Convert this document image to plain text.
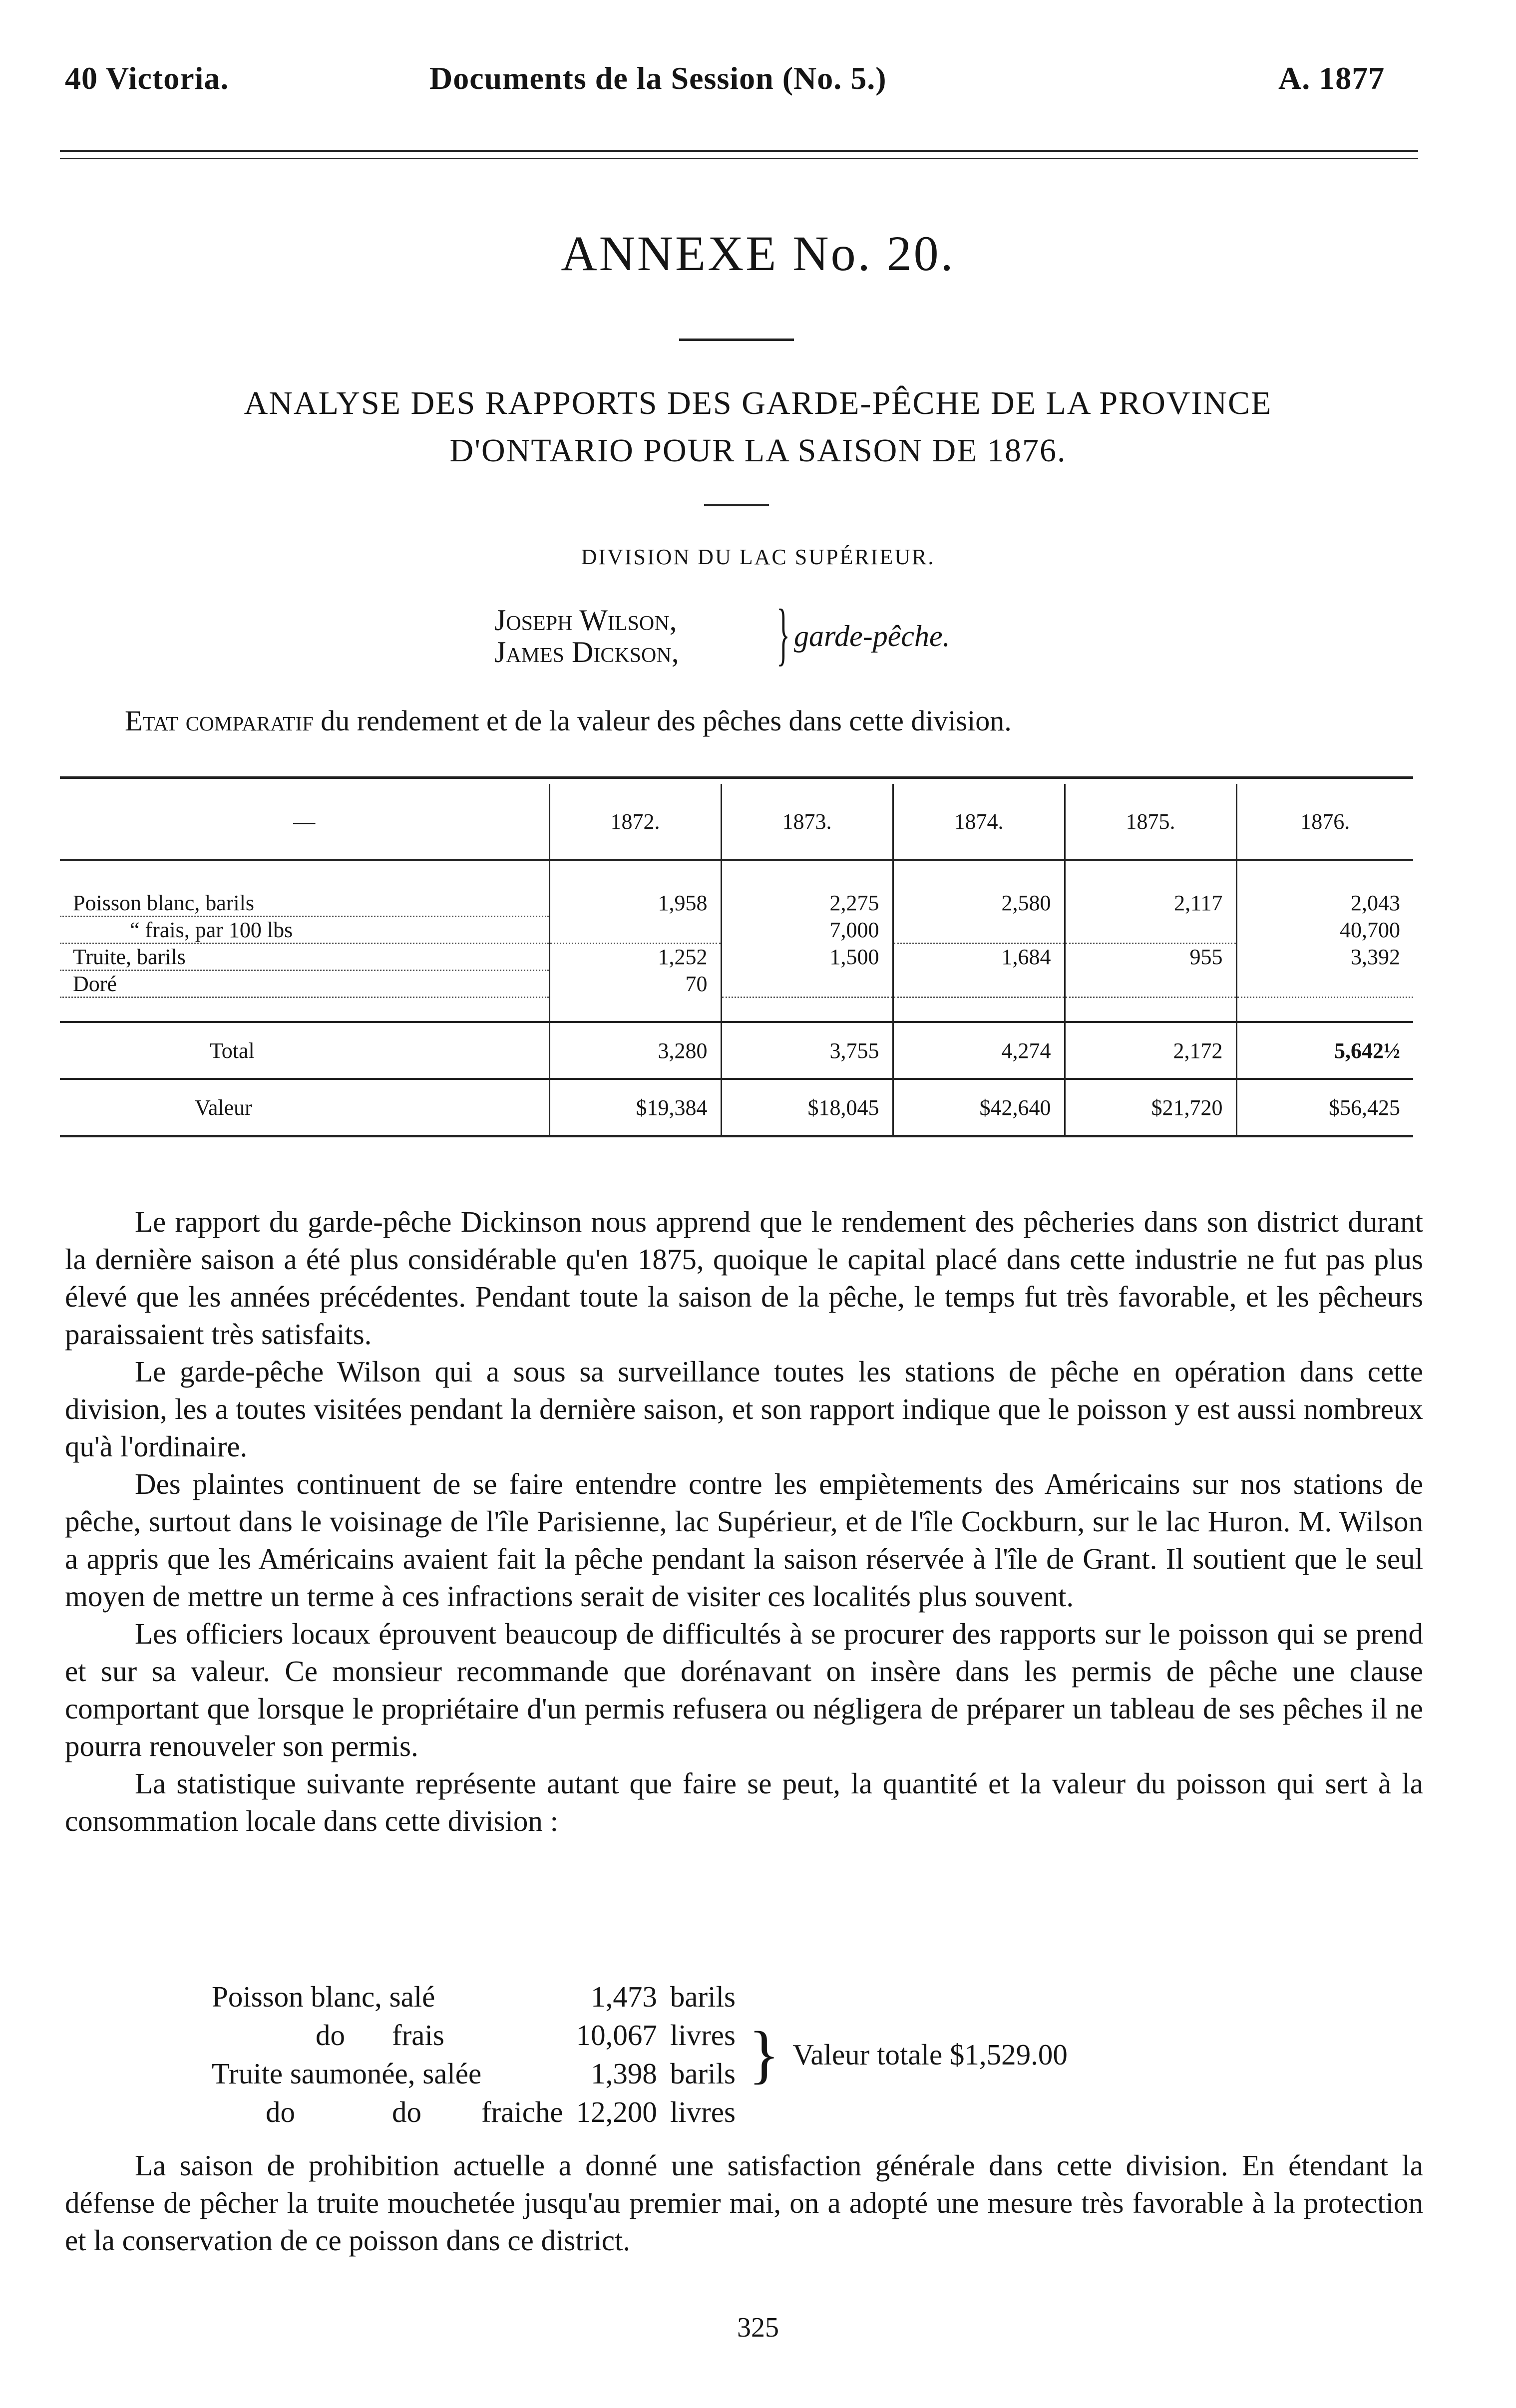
40 Victoria.	Documents de la Session (No. 5.)	A. 1877
ANNEXE No. 20.
ANALYSE DES RAPPORTS DES GARDE-PÊCHE DE LA PROVINCE
D'ONTARIO POUR LA SAISON DE 1876.
DIVISION DU LAC SUPÉRIEUR.
Joseph Wilson,
James Dickson, } garde-pêche.
Etat comparatif du rendement et de la valeur des pêches dans cette division.
—	1872.	1873.	1874.	1875.	1876.

Poisson blanc, barils	1,958	2,275	2,580	2,117	2,043
“ frais, par 100 lbs		7,000			40,700
Truite, barils	1,252	1,500	1,684	955	3,392
Doré	70				

Total	3,280	3,755	4,274	2,172	5,642½
Valeur	$19,384	$18,045	$42,640	$21,720	$56,425

Le rapport du garde-pêche Dickinson nous apprend que le rendement des pêcheries dans son district durant la dernière saison a été plus considérable qu'en 1875, quoique le capital placé dans cette industrie ne fut pas plus élevé que les années précédentes. Pendant toute la saison de la pêche, le temps fut très favorable, et les pêcheurs paraissaient très satisfaits.

Le garde-pêche Wilson qui a sous sa surveillance toutes les stations de pêche en opération dans cette division, les a toutes visitées pendant la dernière saison, et son rapport indique que le poisson y est aussi nombreux qu'à l'ordinaire.

Des plaintes continuent de se faire entendre contre les empiètements des Américains sur nos stations de pêche, surtout dans le voisinage de l'île Parisienne, lac Supérieur, et de l'île Cockburn, sur le lac Huron. M. Wilson a appris que les Américains avaient fait la pêche pendant la saison réservée à l'île de Grant. Il soutient que le seul moyen de mettre un terme à ces infractions serait de visiter ces localités plus souvent.

Les officiers locaux éprouvent beaucoup de difficultés à se procurer des rapports sur le poisson qui se prend et sur sa valeur. Ce monsieur recommande que dorénavant on insère dans les permis de pêche une clause comportant que lorsque le propriétaire d'un permis refusera ou négligera de préparer un tableau de ses pêches il ne pourra renouveler son permis.

La statistique suivante représente autant que faire se peut, la quantité et la valeur du poisson qui sert à la consommation locale dans cette division :

Poisson blanc, salé			1,473	barils	}	Valeur totale $1,529.00
do	frais		10,067	livres		
Truite saumonée, salée			1,398	barils		
do	do	fraiche	12,200	livres		

La saison de prohibition actuelle a donné une satisfaction générale dans cette division. En étendant la défense de pêcher la truite mouchetée jusqu'au premier mai, on a adopté une mesure très favorable à la protection et la conservation de ce poisson dans ce district.

325
